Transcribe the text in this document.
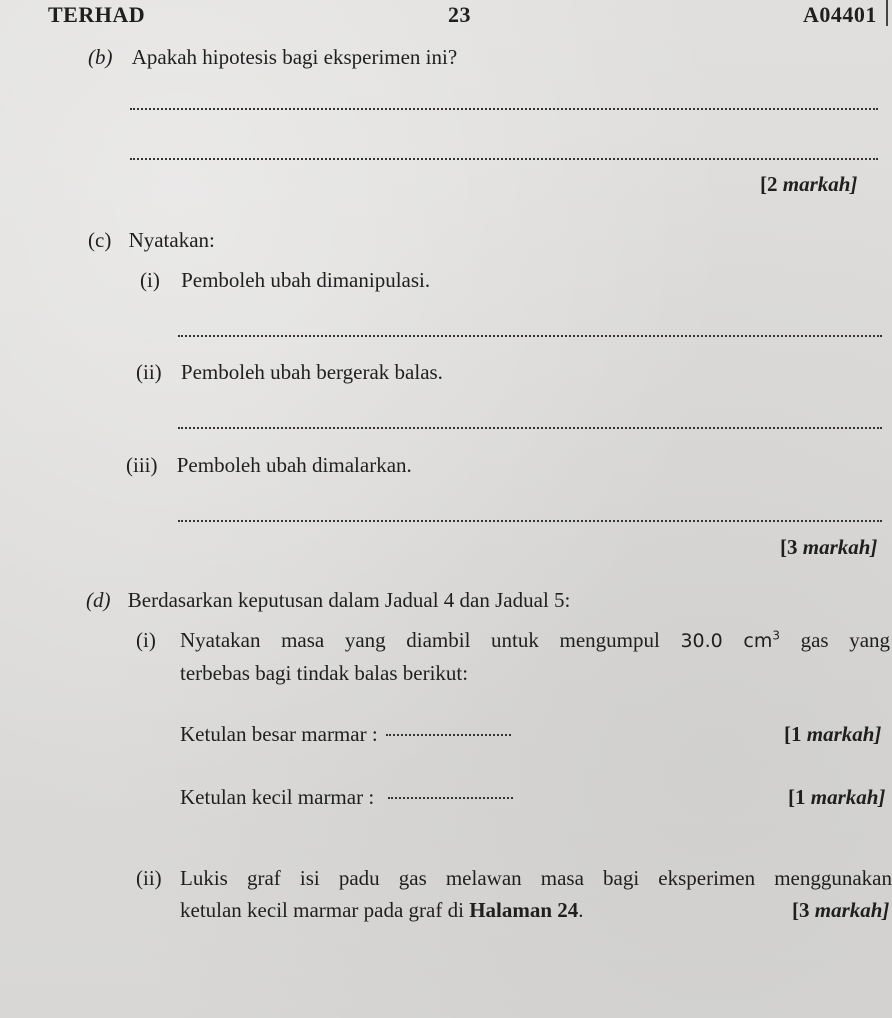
TERHAD	23	A04401
(b) Apakah hipotesis bagi eksperimen ini?
[2 markah]
(c) Nyatakan:
(i) Pemboleh ubah dimanipulasi.
(ii) Pemboleh ubah bergerak balas.
(iii) Pemboleh ubah dimalarkan.
[3 markah]
(d) Berdasarkan keputusan dalam Jadual 4 dan Jadual 5:
(i) Nyatakan masa yang diambil untuk mengumpul 30.0 $cm^3$ gas yang
terbebas bagi tindak balas berikut:
Ketulan besar marmar :	[1 markah]
Ketulan kecil marmar :	[1 markah]
(ii) Lukis graf isi padu gas melawan masa bagi eksperimen menggunakan
ketulan kecil marmar pada graf di Halaman 24.	[3 markah]
